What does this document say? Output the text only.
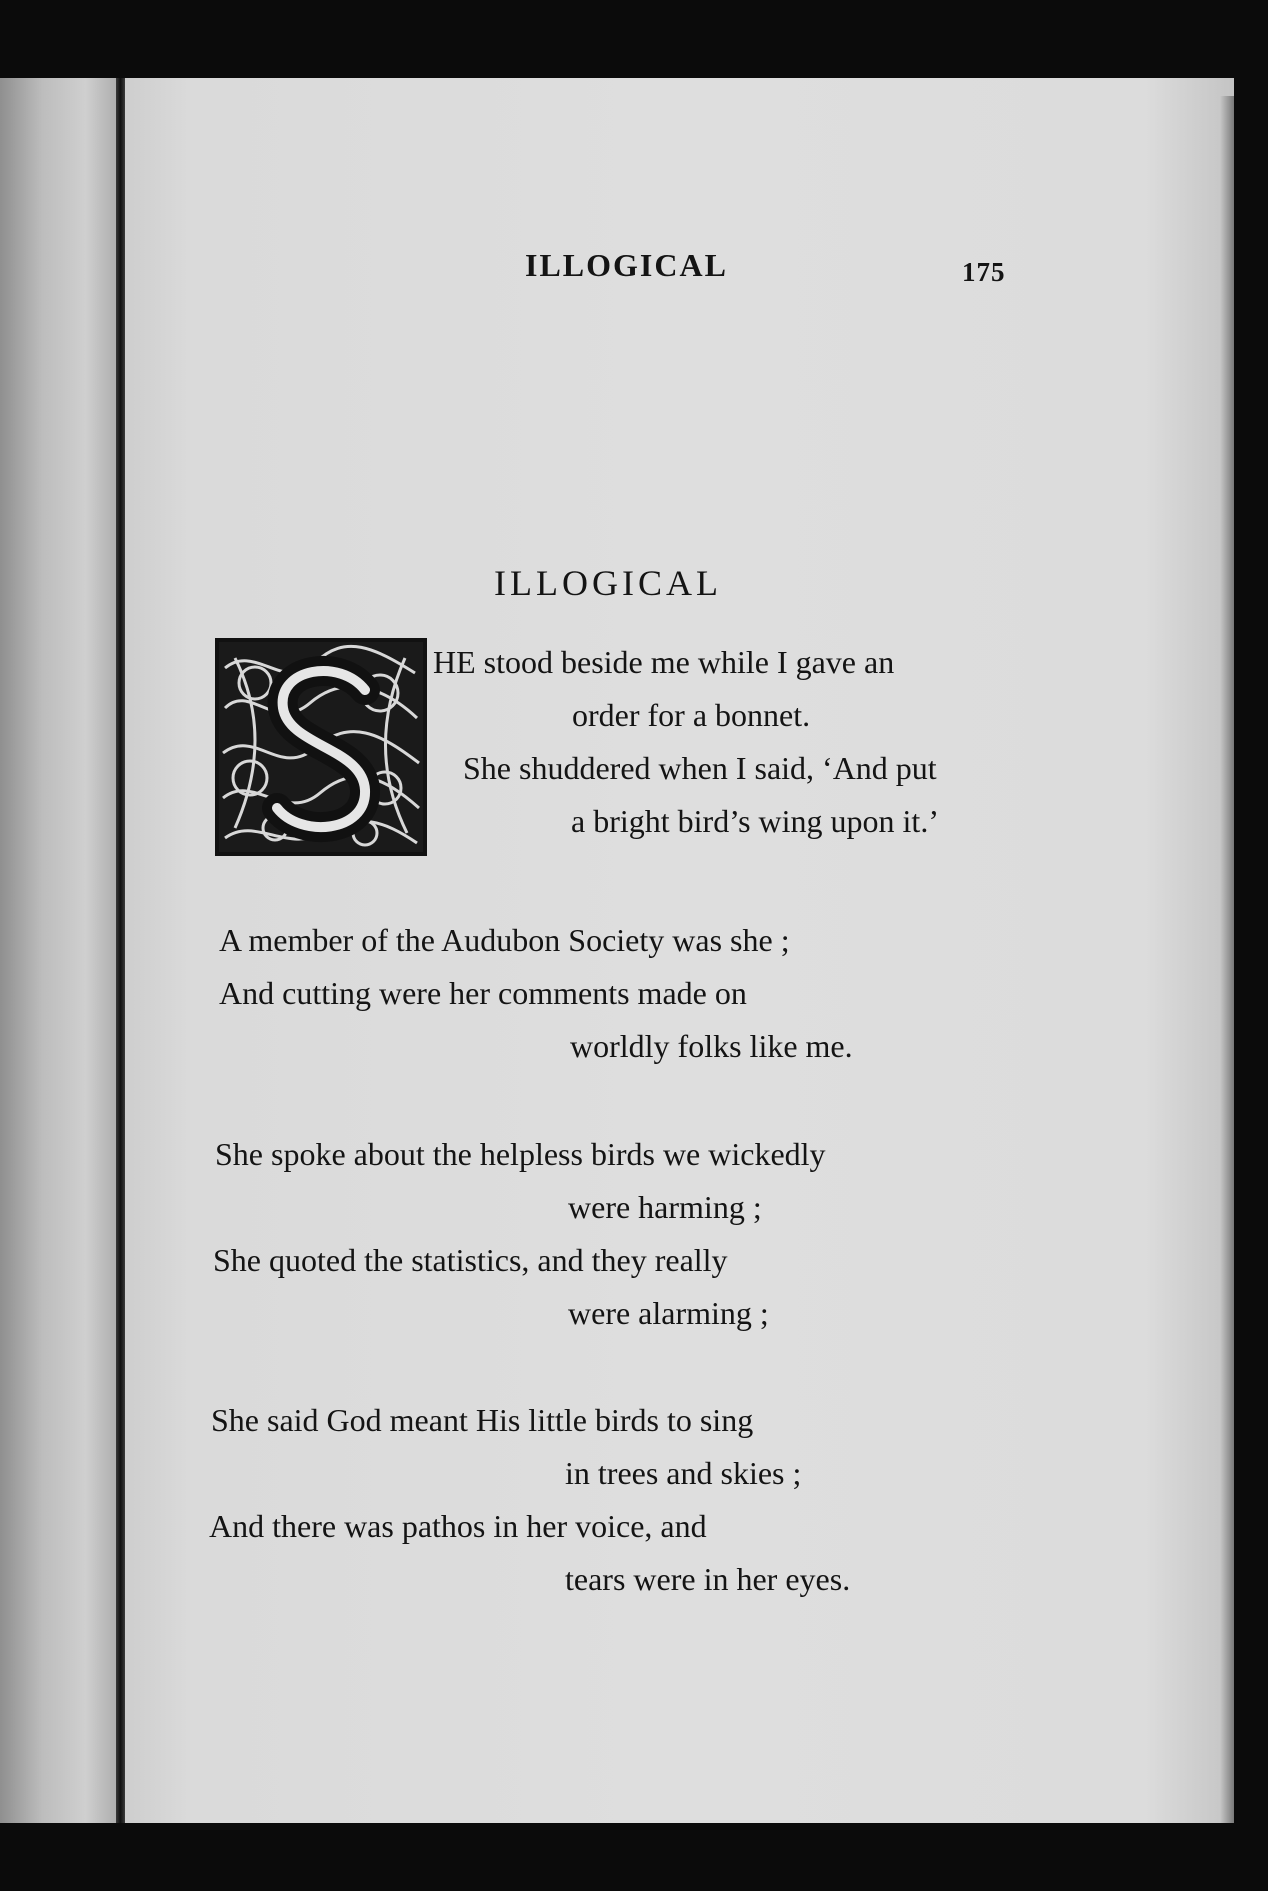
ILLOGICAL	175
ILLOGICAL
HE stood beside me while I gave an
order for a bonnet.
She shuddered when I said, ‘And put
a bright bird’s wing upon it.’
A member of the Audubon Society was she ;
And cutting were her comments made on
worldly folks like me.
She spoke about the helpless birds we wickedly
were harming ;
She quoted the statistics, and they really
were alarming ;
She said God meant His little birds to sing
in trees and skies ;
And there was pathos in her voice, and
tears were in her eyes.
